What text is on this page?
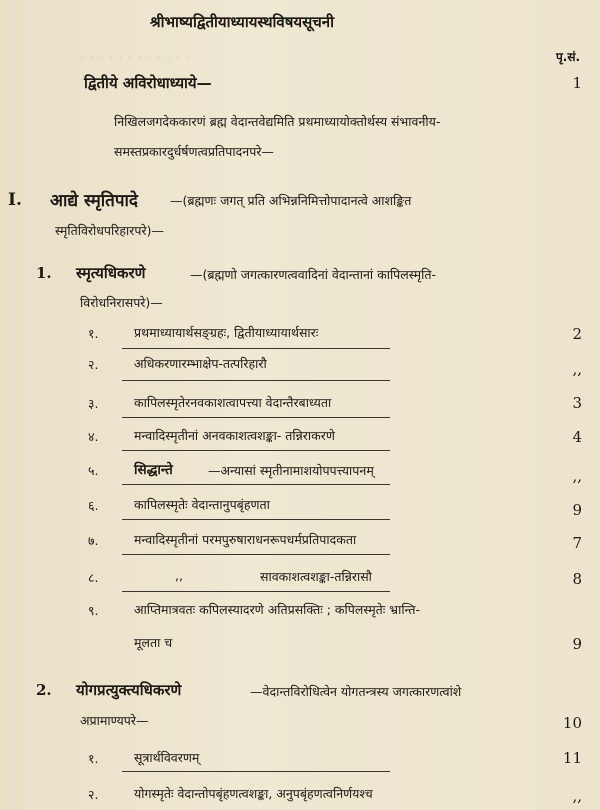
. . . . . . . . . . . .
श्रीभाष्यद्वितीयाध्यायस्थविषयसूचनी
पृ.सं.
द्वितीये अविरोधाध्याये—	1
निखिलजगदेककारणं ब्रह्म वेदान्तवेद्यमिति प्रथमाध्यायोक्तोर्थस्य संभावनीय-
समस्तप्रकारदुर्धर्षणत्वप्रतिपादनपरे—
I. आद्ये स्मृतिपादे	—(ब्रह्मणः जगत् प्रति अभिन्ननिमित्तोपादानत्वे आशङ्कित
स्मृतिविरोधपरिहारपरे)—
1. स्मृत्यधिकरणे	—(ब्रह्मणो जगत्कारणत्ववादिनां वेदान्तानां कापिलस्मृति-
विरोधनिरासपरे)—
१.	प्रथमाध्यायार्थसङ्ग्रहः, द्वितीयाध्यायार्थसारः	2
२.	अधिकरणारम्भाक्षेप-तत्परिहारौ	,,
३.	कापिलस्मृतेरनवकाशत्वापत्त्या वेदान्तैरबाध्यता	3
४.	मन्वादिस्मृतीनां अनवकाशत्वशङ्का- तन्निराकरणे	4
५.	सिद्धान्ते	—अन्यासां स्मृतीनामाशयोपपत्त्यापनम्	,,
६.	कापिलस्मृतेः वेदान्तानुपबृंहणता	9
७.	मन्वादिस्मृतीनां परमपुरुषाराधनरूपधर्मप्रतिपादकता	7
८.	,,	सावकाशत्वशङ्का-तन्निरासौ	8
९.	आप्तिमात्रवतः कपिलस्यादरणे अतिप्रसक्तिः ; कपिलस्मृतेः भ्रान्ति-
मूलता च	9
2. योगप्रत्युक्त्यधिकरणे	—वेदान्तविरोधित्वेन योगतन्त्रस्य जगत्कारणत्वांशे
अप्रामाण्यपरे—	10
१.	सूत्रार्थविवरणम्	11
२.	योगस्मृतेः वेदान्तोपबृंहणत्वशङ्का, अनुपबृंहणत्वनिर्णयश्च	,,
